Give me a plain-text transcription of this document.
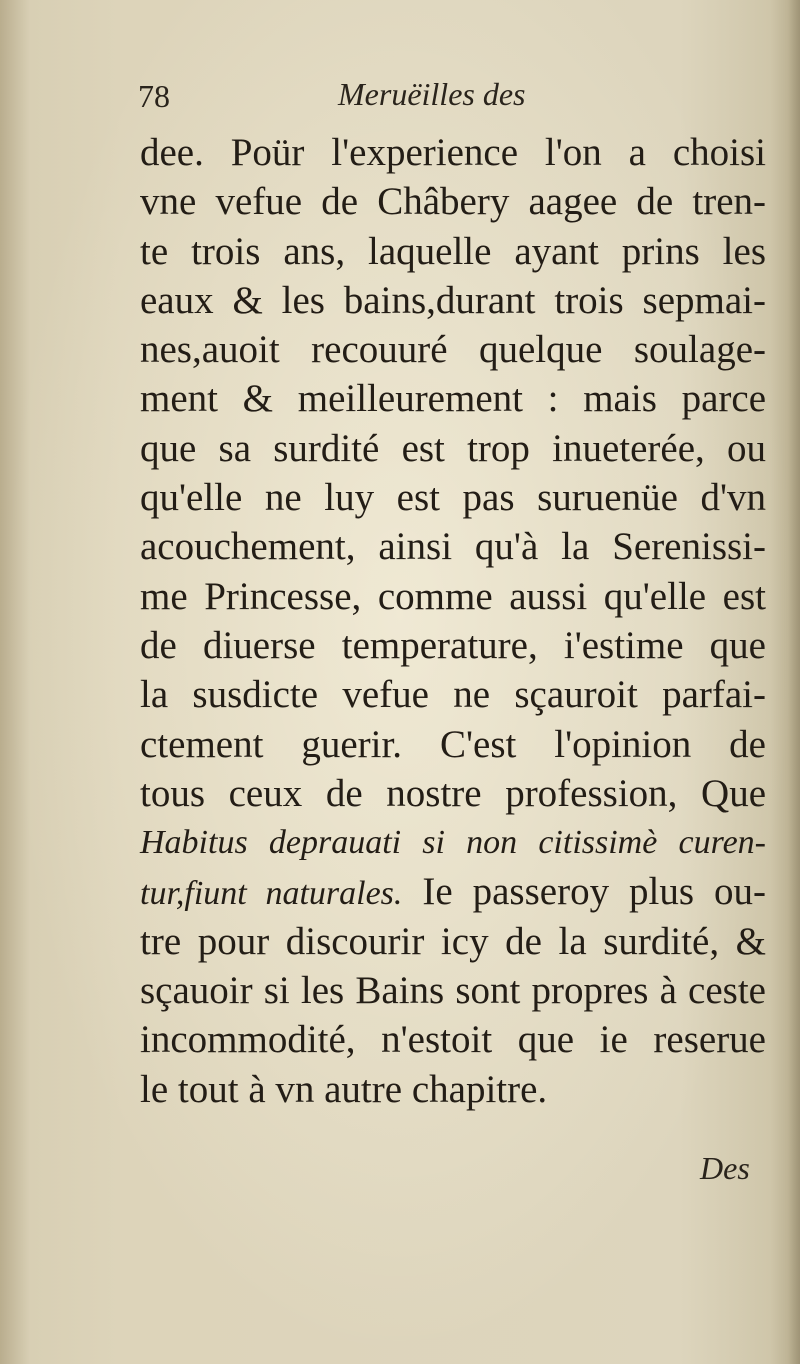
78	Meruëilles des
dee. Poür l'experience l'on a choisi
vne vefue de Châbery aagee de tren-
te trois ans, laquelle ayant prins les
eaux & les bains,durant trois sepmai-
nes,auoit recouuré quelque soulage-
ment & meilleurement : mais parce
que sa surdité est trop inueterée, ou
qu'elle ne luy est pas suruenüe d'vn
acouchement, ainsi qu'à la Serenissi-
me Princesse, comme aussi qu'elle est
de diuerse temperature, i'estime que
la susdicte vefue ne sçauroit parfai-
ctement guerir. C'est l'opinion de
tous ceux de nostre profession, Que
Habitus deprauati si non citissimè curen-
tur,fiunt naturales. Ie passeroy plus ou-
tre pour discourir icy de la surdité, &
sçauoir si les Bains sont propres à ceste
incommodité, n'estoit que ie reserue
le tout à vn autre chapitre.
Des
